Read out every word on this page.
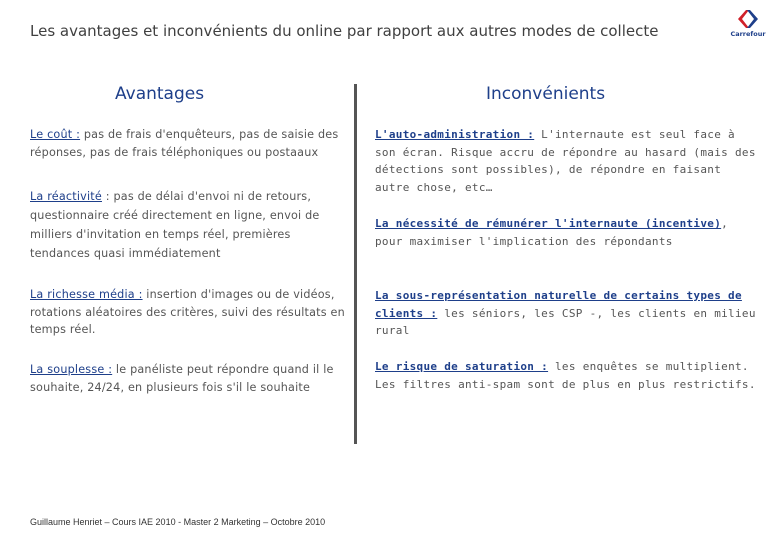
Les avantages et inconvénients du online par rapport aux autres modes de collecte	Carrefour
Avantages	Inconvénients
Le coût : pas de frais d'enquêteurs, pas de saisie des réponses, pas de frais téléphoniques ou postaaux
La réactivité : pas de délai d'envoi ni de retours, questionnaire créé directement en ligne, envoi de milliers d'invitation en temps réel, premières tendances quasi immédiatement
La richesse média : insertion d'images ou de vidéos, rotations aléatoires des critères, suivi des résultats en temps réel.
La souplesse : le panéliste peut répondre quand il le souhaite, 24/24, en plusieurs fois s'il le souhaite
L'auto-administration : L'internaute est seul face à son écran. Risque accru de répondre au hasard (mais des détections sont possibles), de répondre en faisant autre chose, etc…
La nécessité de rémunérer l'internaute (incentive), pour maximiser l'implication des répondants
La sous-représentation naturelle de certains types de clients : les séniors, les CSP -, les clients en milieu rural
Le risque de saturation : les enquêtes se multiplient. Les filtres anti-spam sont de plus en plus restrictifs.
Guillaume Henriet – Cours IAE 2010 - Master 2 Marketing – Octobre 2010
